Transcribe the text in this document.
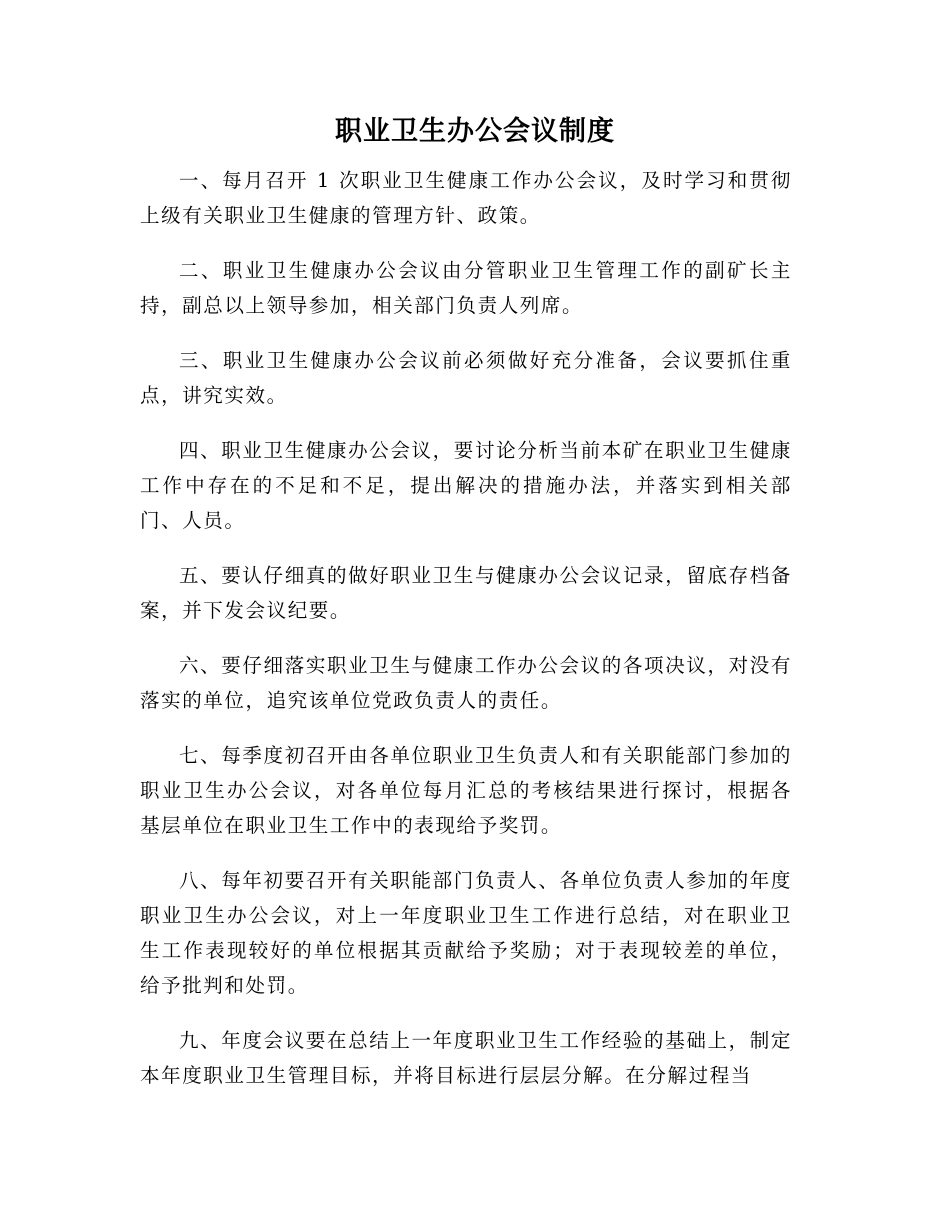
职业卫生办公会议制度

一、每月召开 1 次职业卫生健康工作办公会议，及时学习和贯彻上级有关职业卫生健康的管理方针、政策。

二、职业卫生健康办公会议由分管职业卫生管理工作的副矿长主持，副总以上领导参加，相关部门负责人列席。

三、职业卫生健康办公会议前必须做好充分准备，会议要抓住重点，讲究实效。

四、职业卫生健康办公会议，要讨论分析当前本矿在职业卫生健康工作中存在的不足和不足，提出解决的措施办法，并落实到相关部门、人员。

五、要认仔细真的做好职业卫生与健康办公会议记录，留底存档备案，并下发会议纪要。

六、要仔细落实职业卫生与健康工作办公会议的各项决议，对没有落实的单位，追究该单位党政负责人的责任。

七、每季度初召开由各单位职业卫生负责人和有关职能部门参加的职业卫生办公会议，对各单位每月汇总的考核结果进行探讨，根据各基层单位在职业卫生工作中的表现给予奖罚。

八、每年初要召开有关职能部门负责人、各单位负责人参加的年度职业卫生办公会议，对上一年度职业卫生工作进行总结，对在职业卫生工作表现较好的单位根据其贡献给予奖励；对于表现较差的单位，给予批判和处罚。

九、年度会议要在总结上一年度职业卫生工作经验的基础上，制定本年度职业卫生管理目标，并将目标进行层层分解。在分解过程当
